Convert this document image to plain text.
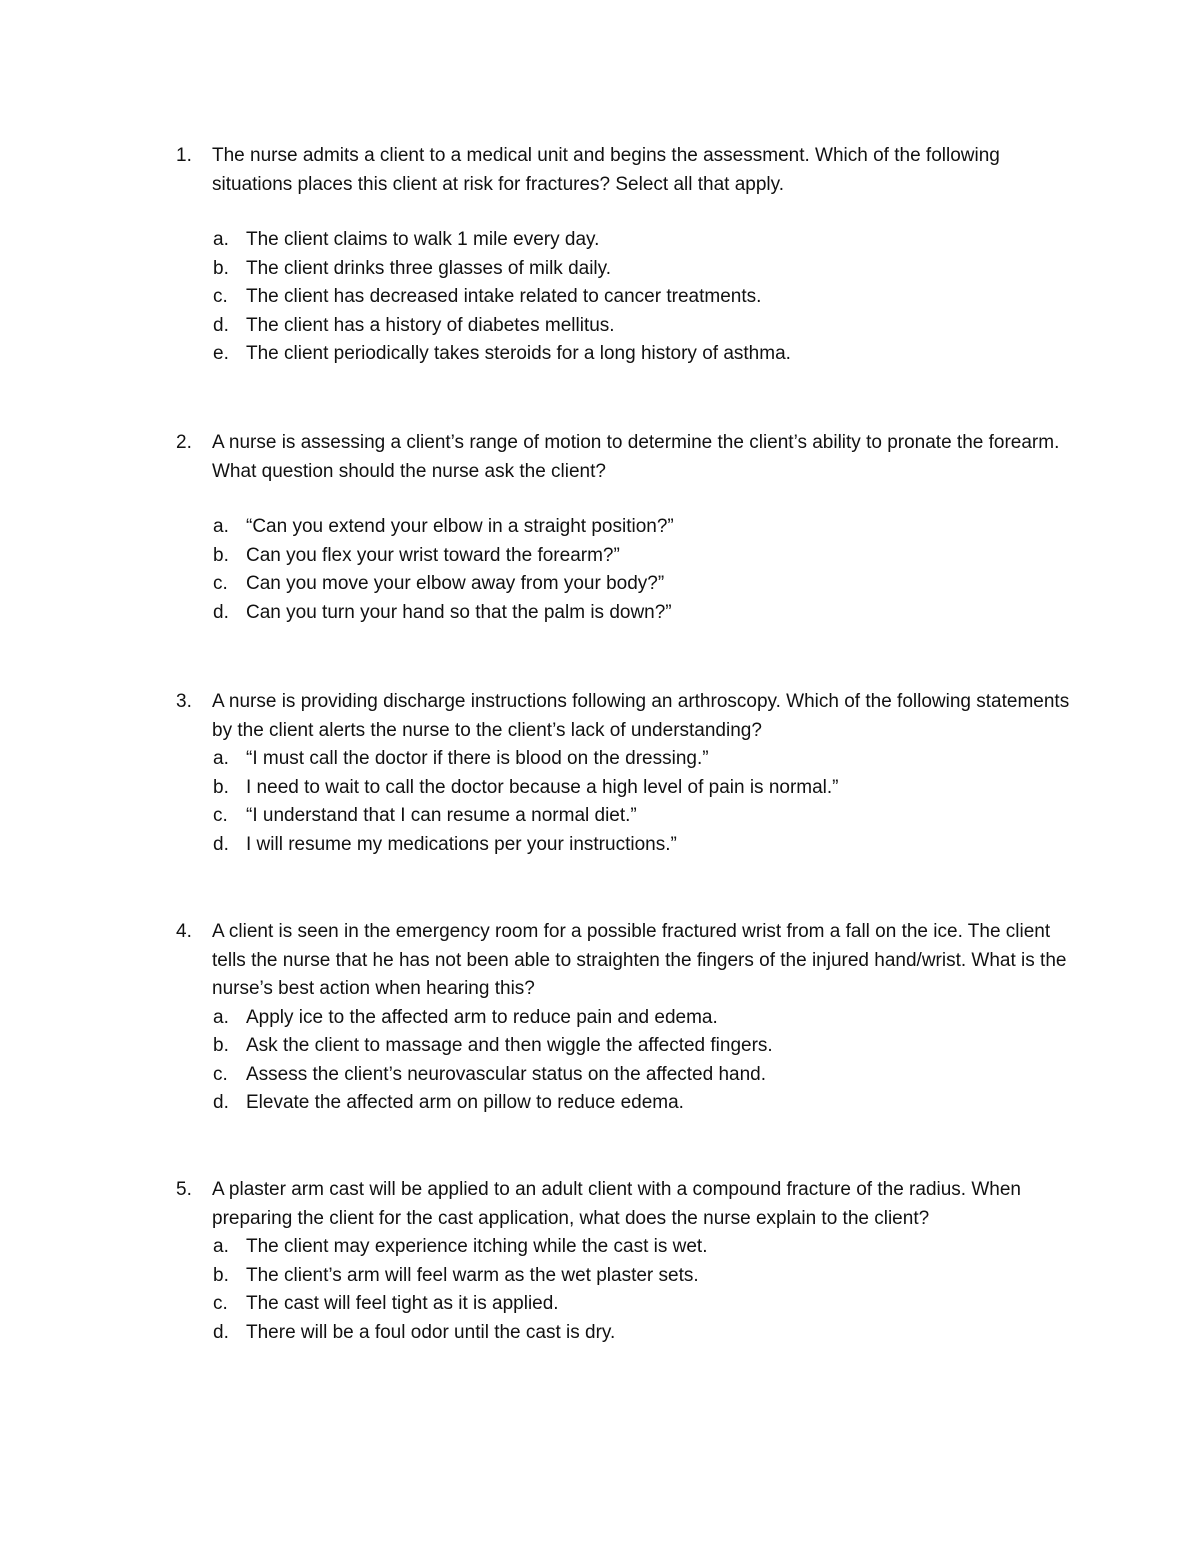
1.	The nurse admits a client to a medical unit and begins the assessment. Which of the following situations places this client at risk for fractures? Select all that apply.
a. The client claims to walk 1 mile every day.
b. The client drinks three glasses of milk daily.
c. The client has decreased intake related to cancer treatments.
d. The client has a history of diabetes mellitus.
e. The client periodically takes steroids for a long history of asthma.
2.	A nurse is assessing a client’s range of motion to determine the client’s ability to pronate the forearm. What question should the nurse ask the client?
a. “Can you extend your elbow in a straight position?”
b. Can you flex your wrist toward the forearm?”
c. Can you move your elbow away from your body?”
d. Can you turn your hand so that the palm is down?”
3.	A nurse is providing discharge instructions following an arthroscopy. Which of the following statements by the client alerts the nurse to the client’s lack of understanding?
a. “I must call the doctor if there is blood on the dressing.”
b. I need to wait to call the doctor because a high level of pain is normal.”
c. “I understand that I can resume a normal diet.”
d. I will resume my medications per your instructions.”
4.	A client is seen in the emergency room for a possible fractured wrist from a fall on the ice. The client tells the nurse that he has not been able to straighten the fingers of the injured hand/wrist. What is the nurse’s best action when hearing this?
a. Apply ice to the affected arm to reduce pain and edema.
b. Ask the client to massage and then wiggle the affected fingers.
c. Assess the client’s neurovascular status on the affected hand.
d. Elevate the affected arm on pillow to reduce edema.
5.	A plaster arm cast will be applied to an adult client with a compound fracture of the radius. When preparing the client for the cast application, what does the nurse explain to the client?
a. The client may experience itching while the cast is wet.
b. The client’s arm will feel warm as the wet plaster sets.
c. The cast will feel tight as it is applied.
d. There will be a foul odor until the cast is dry.
